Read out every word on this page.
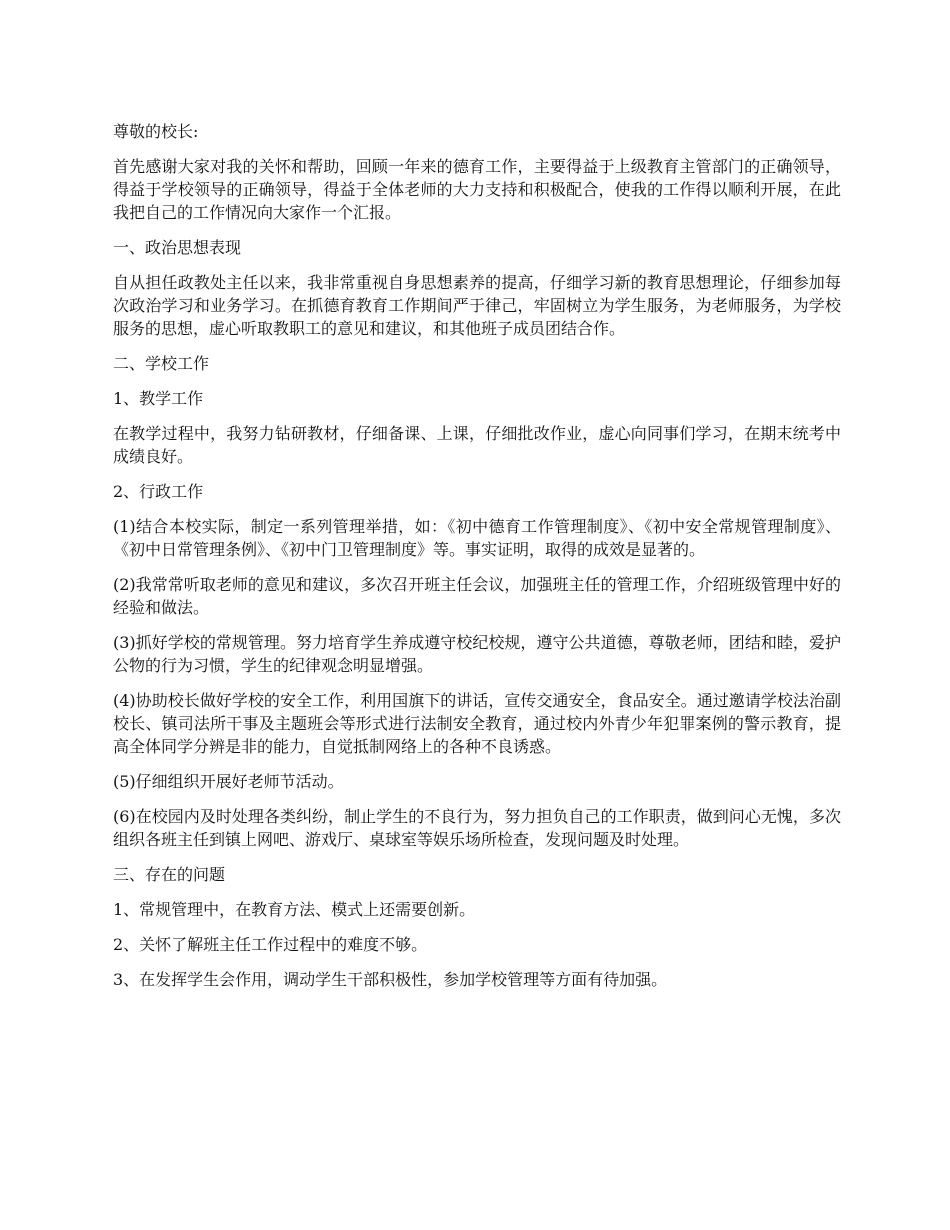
尊敬的校长:

首先感谢大家对我的关怀和帮助，回顾一年来的德育工作，主要得益于上级教育主管部门的正确领导，得益于学校领导的正确领导，得益于全体老师的大力支持和积极配合，使我的工作得以顺利开展，在此我把自己的工作情况向大家作一个汇报。

一、政治思想表现

自从担任政教处主任以来，我非常重视自身思想素养的提高，仔细学习新的教育思想理论，仔细参加每次政治学习和业务学习。在抓德育教育工作期间严于律己，牢固树立为学生服务，为老师服务，为学校服务的思想，虚心听取教职工的意见和建议，和其他班子成员团结合作。

二、学校工作

1、教学工作

在教学过程中，我努力钻研教材，仔细备课、上课，仔细批改作业，虚心向同事们学习，在期末统考中成绩良好。

2、行政工作

(1)结合本校实际，制定一系列管理举措，如：《初中德育工作管理制度》、《初中安全常规管理制度》、《初中日常管理条例》、《初中门卫管理制度》等。事实证明，取得的成效是显著的。

(2)我常常听取老师的意见和建议，多次召开班主任会议，加强班主任的管理工作，介绍班级管理中好的经验和做法。

(3)抓好学校的常规管理。努力培育学生养成遵守校纪校规，遵守公共道德，尊敬老师，团结和睦，爱护公物的行为习惯，学生的纪律观念明显增强。

(4)协助校长做好学校的安全工作，利用国旗下的讲话，宣传交通安全，食品安全。通过邀请学校法治副校长、镇司法所干事及主题班会等形式进行法制安全教育，通过校内外青少年犯罪案例的警示教育，提高全体同学分辨是非的能力，自觉抵制网络上的各种不良诱惑。

(5)仔细组织开展好老师节活动。

(6)在校园内及时处理各类纠纷，制止学生的不良行为，努力担负自己的工作职责，做到问心无愧，多次组织各班主任到镇上网吧、游戏厅、桌球室等娱乐场所检查，发现问题及时处理。

三、存在的问题

1、常规管理中，在教育方法、模式上还需要创新。

2、关怀了解班主任工作过程中的难度不够。

3、在发挥学生会作用，调动学生干部积极性，参加学校管理等方面有待加强。
